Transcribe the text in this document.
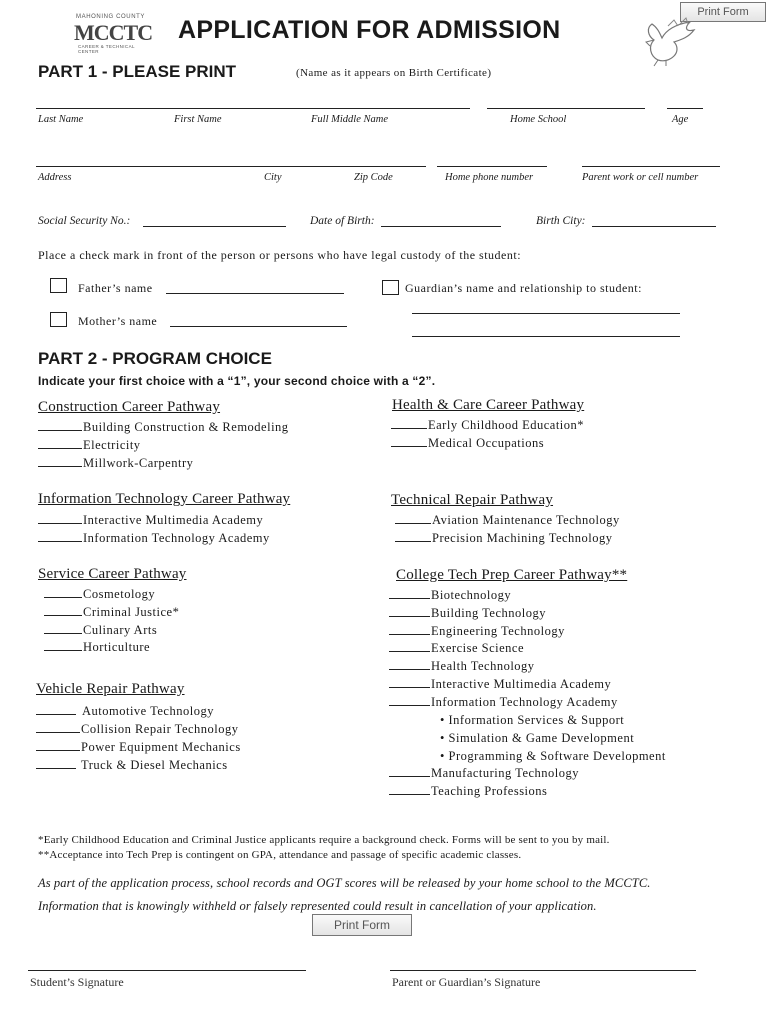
Print Form
MAHONING COUNTY
MCCTC
CAREER & TECHNICAL CENTER
APPLICATION FOR ADMISSION
PART 1 - PLEASE PRINT	(Name as it appears on Birth Certificate)
Last Name	First Name	Full Middle Name	Home School	Age
Address	City	Zip Code	Home phone number	Parent work or cell number
Social Security No.:	Date of Birth:	Birth City:
Place a check mark in front of the person or persons who have legal custody of the student:
Father’s name	Guardian’s name and relationship to student:
Mother’s name
PART 2 - PROGRAM CHOICE
Indicate your first choice with a “1”, your second choice with a “2”.
Construction Career Pathway
Building Construction & Remodeling
Electricity
Millwork-Carpentry
Health & Care Career Pathway
Early Childhood Education*
Medical Occupations
Information Technology Career Pathway
Interactive Multimedia Academy
Information Technology Academy
Technical Repair Pathway
Aviation Maintenance Technology
Precision Machining Technology
Service Career Pathway
Cosmetology
Criminal Justice*
Culinary Arts
Horticulture
Vehicle Repair Pathway
Automotive Technology
Collision Repair Technology
Power Equipment Mechanics
Truck & Diesel Mechanics
College Tech Prep Career Pathway**
Biotechnology
Building Technology
Engineering Technology
Exercise Science
Health Technology
Interactive Multimedia Academy
Information Technology Academy
• Information Services & Support
• Simulation & Game Development
• Programming & Software Development
Manufacturing Technology
Teaching Professions
*Early Childhood Education and Criminal Justice applicants require a background check. Forms will be sent to you by mail.
**Acceptance into Tech Prep is contingent on GPA, attendance and passage of specific academic classes.
As part of the application process, school records and OGT scores will be released by your home school to the MCCTC.
Information that is knowingly withheld or falsely represented could result in cancellation of your application.
Print Form
Student’s Signature	Parent or Guardian’s Signature
